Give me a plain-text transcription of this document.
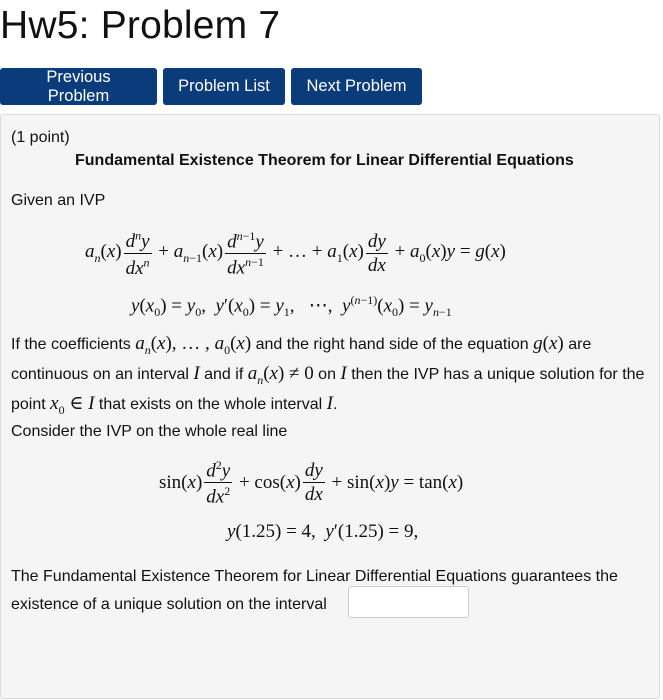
Hw5: Problem 7
Previous Problem
Problem List	Next Problem
(1 point)
Fundamental Existence Theorem for Linear Differential Equations
Given an IVP
$a_n(x) \frac{d^ny}{dx^n} + a_{n-1}(x) \frac{d^{n-1}y}{dx^{n-1}}$ + … + $a_1(x) \frac{dy}{dx} + a_0(x)y = g(x)$
$y(x_0) = y_0$,  $y'(x_0) = y_1$,   ⋯,  $y^{(n-1)}(x_0) = y_{n-1}$
If the coefficients $a_n(x)$, … , $a_0(x)$ and the right hand side of the equation g(x) are continuous on an interval I and if $a_n(x) \ne 0$ on I then the IVP has a unique solution for the point $x_0$ ∈ I that exists on the whole interval I.
Consider the IVP on the whole real line
$\sin(x) \frac{d^2y}{dx^2} + \cos(x) \frac{dy}{dx} + \sin(x)y = \tan(x)$
y(1.25) = 4,  y′(1.25) = 9,
The Fundamental Existence Theorem for Linear Differential Equations guarantees the existence of a unique solution on the interval
